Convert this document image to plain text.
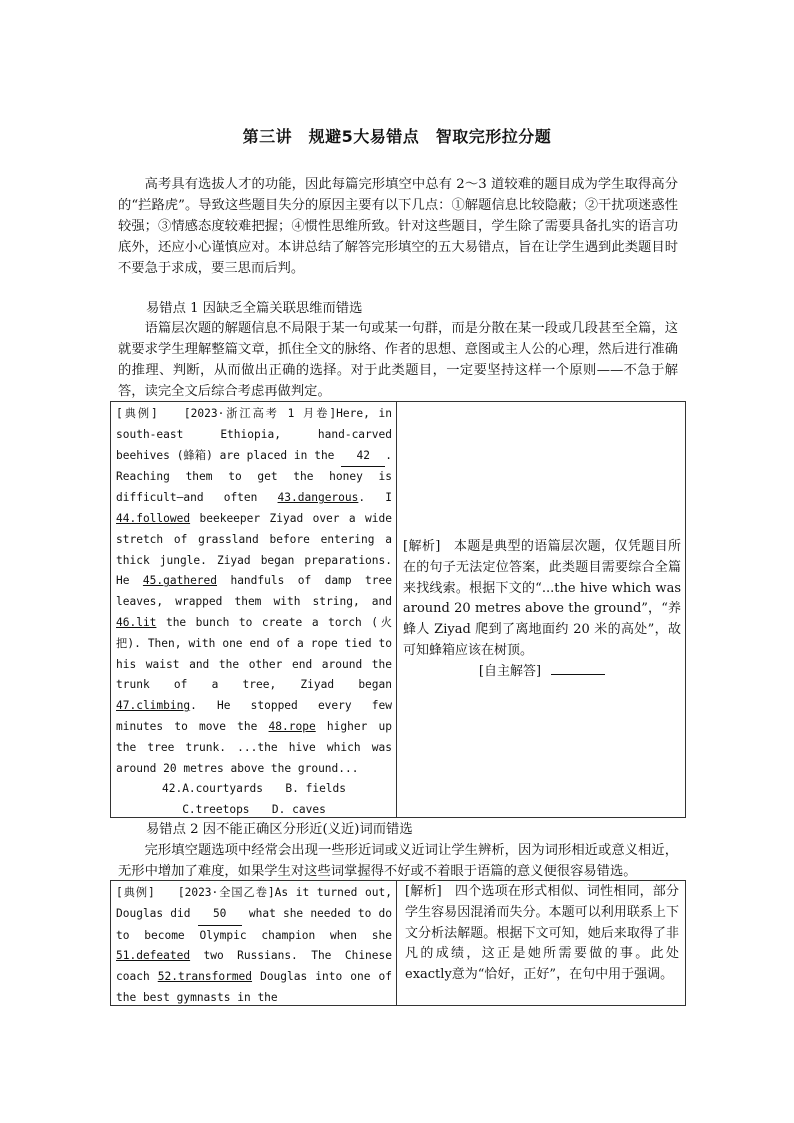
第三讲　规避5大易错点　智取完形拉分题

高考具有选拔人才的功能，因此每篇完形填空中总有 2～3 道较难的题目成为学生取得高分的“拦路虎”。导致这些题目失分的原因主要有以下几点：①解题信息比较隐蔽；②干扰项迷惑性较强；③情感态度较难把握；④惯性思维所致。针对这些题目，学生除了需要具备扎实的语言功底外，还应小心谨慎应对。本讲总结了解答完形填空的五大易错点，旨在让学生遇到此类题目时不要急于求成，要三思而后判。

易错点 1 因缺乏全篇关联思维而错选

语篇层次题的解题信息不局限于某一句或某一句群，而是分散在某一段或几段甚至全篇，这就要求学生理解整篇文章，抓住全文的脉络、作者的思想、意图或主人公的心理，然后进行准确的推理、判断，从而做出正确的选择。对于此类题目，一定要坚持这样一个原则——不急于解答，读完全文后综合考虑再做判定。

[典例] [2023·浙江高考 1 月卷]Here, in south-east Ethiopia, hand-carved beehives (蜂箱) are placed in the 42 . Reaching them to get the honey is difficult—and often 43.dangerous. I 44.followed beekeeper Ziyad over a wide stretch of grassland before entering a thick jungle. Ziyad began preparations. He 45.gathered handfuls of damp tree leaves, wrapped them with string, and 46.lit the bunch to create a torch (火把). Then, with one end of a rope tied to his waist and the other end around the trunk of a tree, Ziyad began 47.climbing. He stopped every few minutes to move the 48.rope higher up the tree trunk. ...the hive which was around 20 metres above the ground...

42.A.courtyards　　B. fields

C.treetops　　D. caves

[解析]　本题是典型的语篇层次题，仅凭题目所在的句子无法定位答案，此类题目需要综合全篇来找线索。根据下文的“...the hive which was around 20 metres above the ground”，“养蜂人 Ziyad 爬到了离地面约 20 米的高处”，故可知蜂箱应该在树顶。

[自主解答]

易错点 2 因不能正确区分形近(义近)词而错选

完形填空题选项中经常会出现一些形近词或义近词让学生辨析，因为词形相近或意义相近，无形中增加了难度，如果学生对这些词掌握得不好或不着眼于语篇的意义便很容易错选。

[典例] [2023·全国乙卷]As it turned out, Douglas did 50 what she needed to do to become Olympic champion when she 51.defeated two Russians. The Chinese coach 52.transformed Douglas into one of the best gymnasts in the

[解析]　四个选项在形式相似、词性相同，部分学生容易因混淆而失分。本题可以利用联系上下文分析法解题。根据下文可知，她后来取得了非凡的成绩，这正是她所需要做的事。此处 exactly意为“恰好，正好”，在句中用于强调。
